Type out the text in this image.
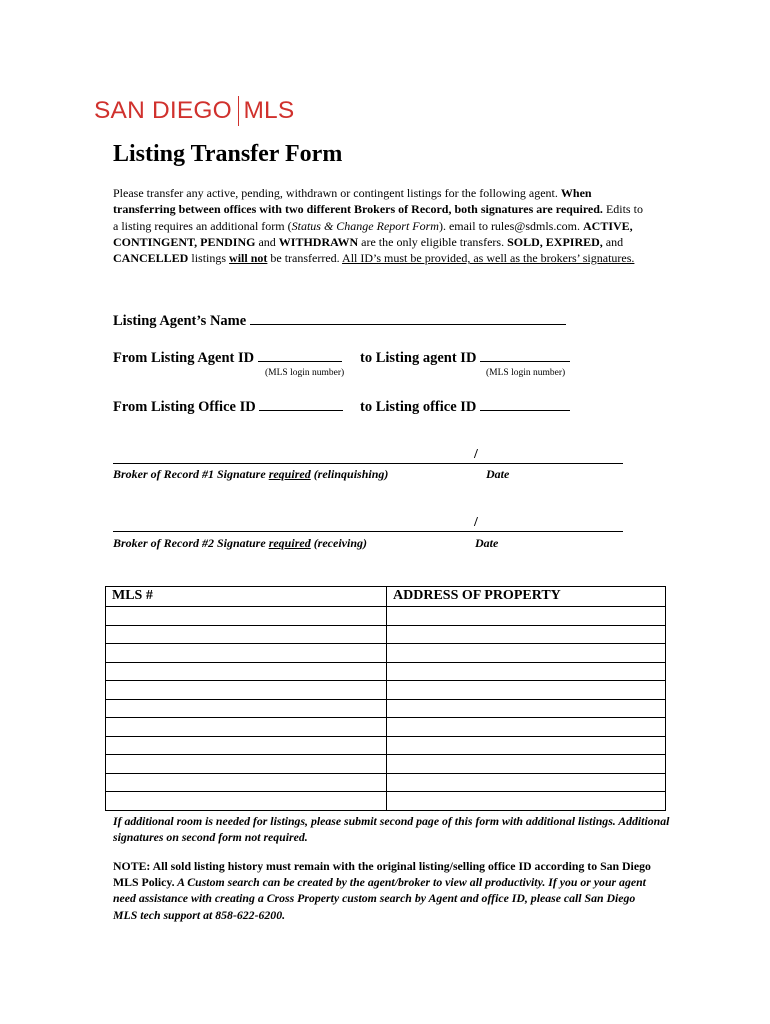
SAN DIEGO MLS
Listing Transfer Form

Please transfer any active, pending, withdrawn or contingent listings for the following agent. When transferring between offices with two different Brokers of Record, both signatures are required. Edits to a listing requires an additional form (Status & Change Report Form). email to rules@sdmls.com. ACTIVE, CONTINGENT, PENDING and WITHDRAWN are the only eligible transfers. SOLD, EXPIRED, and CANCELLED listings will not be transferred. All ID’s must be provided, as well as the brokers’ signatures.

Listing Agent’s Name
From Listing Agent ID	to Listing agent ID
(MLS login number)	(MLS login number)
From Listing Office ID	to Listing office ID
/
Broker of Record #1 Signature required (relinquishing)	Date
/
Broker of Record #2 Signature required (receiving)	Date
MLS #	ADDRESS OF PROPERTY

If additional room is needed for listings, please submit second page of this form with additional listings. Additional signatures on second form not required.

NOTE: All sold listing history must remain with the original listing/selling office ID according to San Diego MLS Policy. A Custom search can be created by the agent/broker to view all productivity. If you or your agent need assistance with creating a Cross Property custom search by Agent and office ID, please call San Diego MLS tech support at 858-622-6200.
